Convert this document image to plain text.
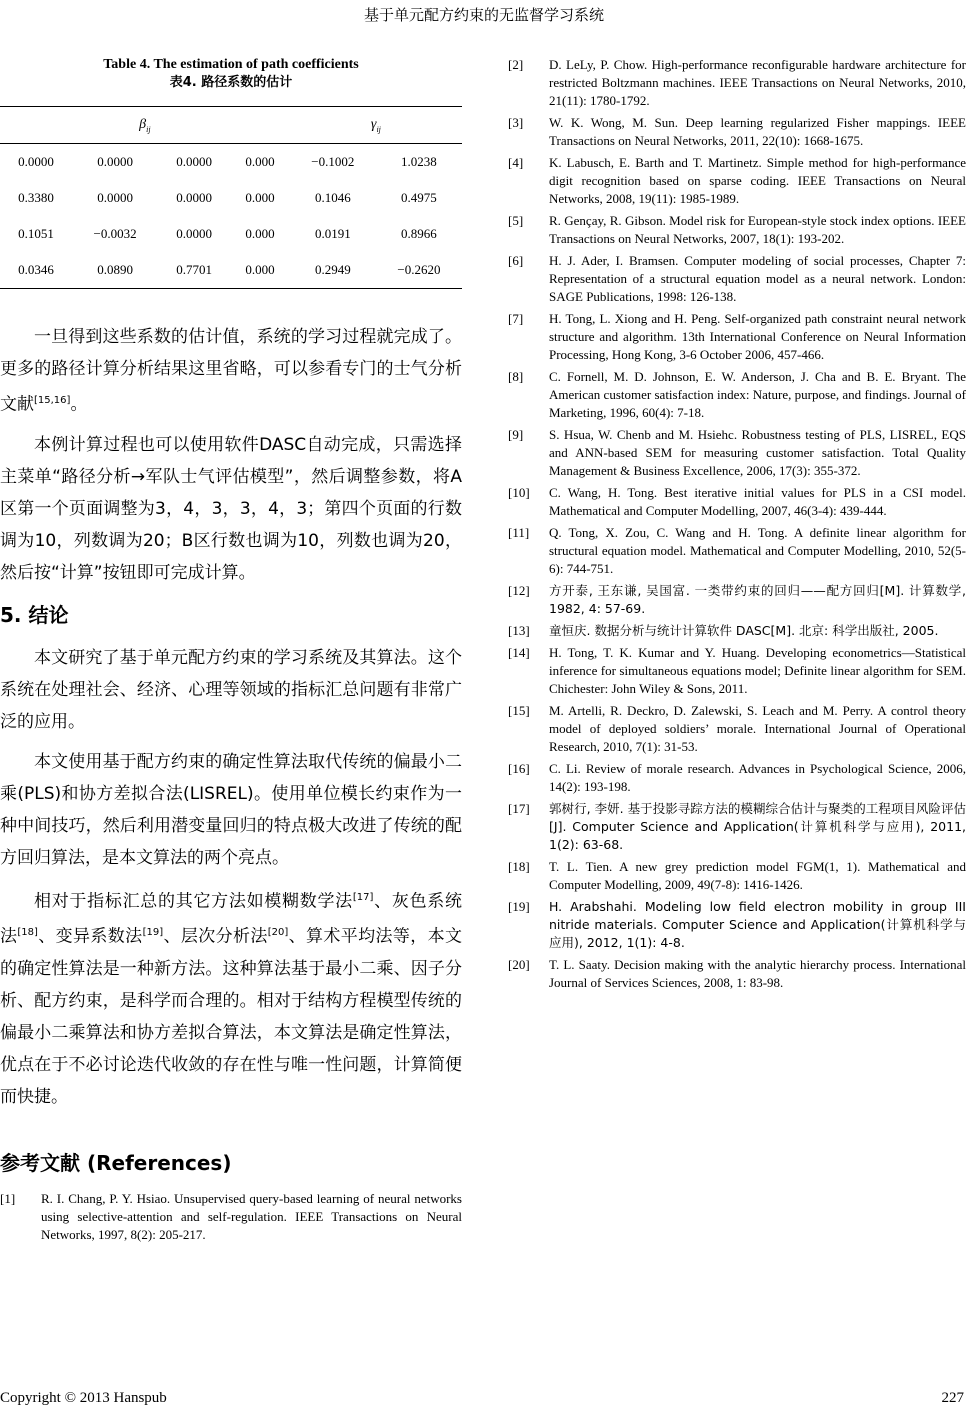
基于单元配方约束的无监督学习系统
Table 4. The estimation of path coefficients
表4. 路径系数的估计
$\beta_{ij}$				$\gamma_{ij}$
0.0000	0.0000	0.0000	0.000	−0.1002	1.0238
0.3380	0.0000	0.0000	0.000	0.1046	0.4975
0.1051	−0.0032	0.0000	0.000	0.0191	0.8966
0.0346	0.0890	0.7701	0.000	0.2949	−0.2620

一旦得到这些系数的估计值，系统的学习过程就完成了。更多的路径计算分析结果这里省略，可以参看专门的士气分析文献[15,16]。

本例计算过程也可以使用软件DASC自动完成，只需选择主菜单“路径分析→军队士气评估模型”，然后调整参数，将A区第一个页面调整为3，4，3，3，4，3；第四个页面的行数调为10，列数调为20；B区行数也调为10，列数也调为20，然后按“计算”按钮即可完成计算。

5. 结论

本文研究了基于单元配方约束的学习系统及其算法。这个系统在处理社会、经济、心理等领域的指标汇总问题有非常广泛的应用。

本文使用基于配方约束的确定性算法取代传统的偏最小二乘(PLS)和协方差拟合法(LISREL)。使用单位模长约束作为一种中间技巧，然后利用潜变量回归的特点极大改进了传统的配方回归算法，是本文算法的两个亮点。

相对于指标汇总的其它方法如模糊数学法[17]、灰色系统法[18]、变异系数法[19]、层次分析法[20]、算术平均法等，本文的确定性算法是一种新方法。这种算法基于最小二乘、因子分析、配方约束，是科学而合理的。相对于结构方程模型传统的偏最小二乘算法和协方差拟合算法，本文算法是确定性算法，优点在于不必讨论迭代收敛的存在性与唯一性问题，计算简便而快捷。

参考文献 (References)

[1]	R. I. Chang, P. Y. Hsiao. Unsupervised query-based learning of neural networks using selective-attention and self-regulation. IEEE Transactions on Neural Networks, 1997, 8(2): 205-217.
[2]	D. LeLy, P. Chow. High-performance reconfigurable hardware architecture for restricted Boltzmann machines. IEEE Transactions on Neural Networks, 2010, 21(11): 1780-1792.
[3]	W. K. Wong, M. Sun. Deep learning regularized Fisher mappings. IEEE Transactions on Neural Networks, 2011, 22(10): 1668-1675.
[4]	K. Labusch, E. Barth and T. Martinetz. Simple method for high-performance digit recognition based on sparse coding. IEEE Transactions on Neural Networks, 2008, 19(11): 1985-1989.
[5]	R. Gençay, R. Gibson. Model risk for European-style stock index options. IEEE Transactions on Neural Networks, 2007, 18(1): 193-202.
[6]	H. J. Ader, I. Bramsen. Computer modeling of social processes, Chapter 7: Representation of a structural equation model as a neural network. London: SAGE Publications, 1998: 126-138.
[7]	H. Tong, L. Xiong and H. Peng. Self-organized path constraint neural network structure and algorithm. 13th International Conference on Neural Information Processing, Hong Kong, 3-6 October 2006, 457-466.
[8]	C. Fornell, M. D. Johnson, E. W. Anderson, J. Cha and B. E. Bryant. The American customer satisfaction index: Nature, purpose, and findings. Journal of Marketing, 1996, 60(4): 7-18.
[9]	S. Hsua, W. Chenb and M. Hsiehc. Robustness testing of PLS, LISREL, EQS and ANN-based SEM for measuring customer satisfaction. Total Quality Management & Business Excellence, 2006, 17(3): 355-372.
[10]	C. Wang, H. Tong. Best iterative initial values for PLS in a CSI model. Mathematical and Computer Modelling, 2007, 46(3-4): 439-444.
[11]	Q. Tong, X. Zou, C. Wang and H. Tong. A definite linear algorithm for structural equation model. Mathematical and Computer Modelling, 2010, 52(5-6): 744-751.
[12]	方开泰, 王东谦, 吴国富. 一类带约束的回归——配方回归[M]. 计算数学, 1982, 4: 57-69.
[13]	童恒庆. 数据分析与统计计算软件 DASC[M]. 北京: 科学出版社, 2005.
[14]	H. Tong, T. K. Kumar and Y. Huang. Developing econometrics—Statistical inference for simultaneous equations model; Definite linear algorithm for SEM. Chichester: John Wiley & Sons, 2011.
[15]	M. Artelli, R. Deckro, D. Zalewski, S. Leach and M. Perry. A control theory model of deployed soldiers’ morale. International Journal of Operational Research, 2010, 7(1): 31-53.
[16]	C. Li. Review of morale research. Advances in Psychological Science, 2006, 14(2): 193-198.
[17]	郭树行, 李妍. 基于投影寻踪方法的模糊综合估计与聚类的工程项目风险评估[J]. Computer Science and Application(计算机科学与应用), 2011, 1(2): 63-68.
[18]	T. L. Tien. A new grey prediction model FGM(1, 1). Mathematical and Computer Modelling, 2009, 49(7-8): 1416-1426.
[19]	H. Arabshahi. Modeling low field electron mobility in group III nitride materials. Computer Science and Application(计算机科学与应用), 2012, 1(1): 4-8.
[20]	T. L. Saaty. Decision making with the analytic hierarchy process. International Journal of Services Sciences, 2008, 1: 83-98.
Copyright © 2013 Hanspub	227
